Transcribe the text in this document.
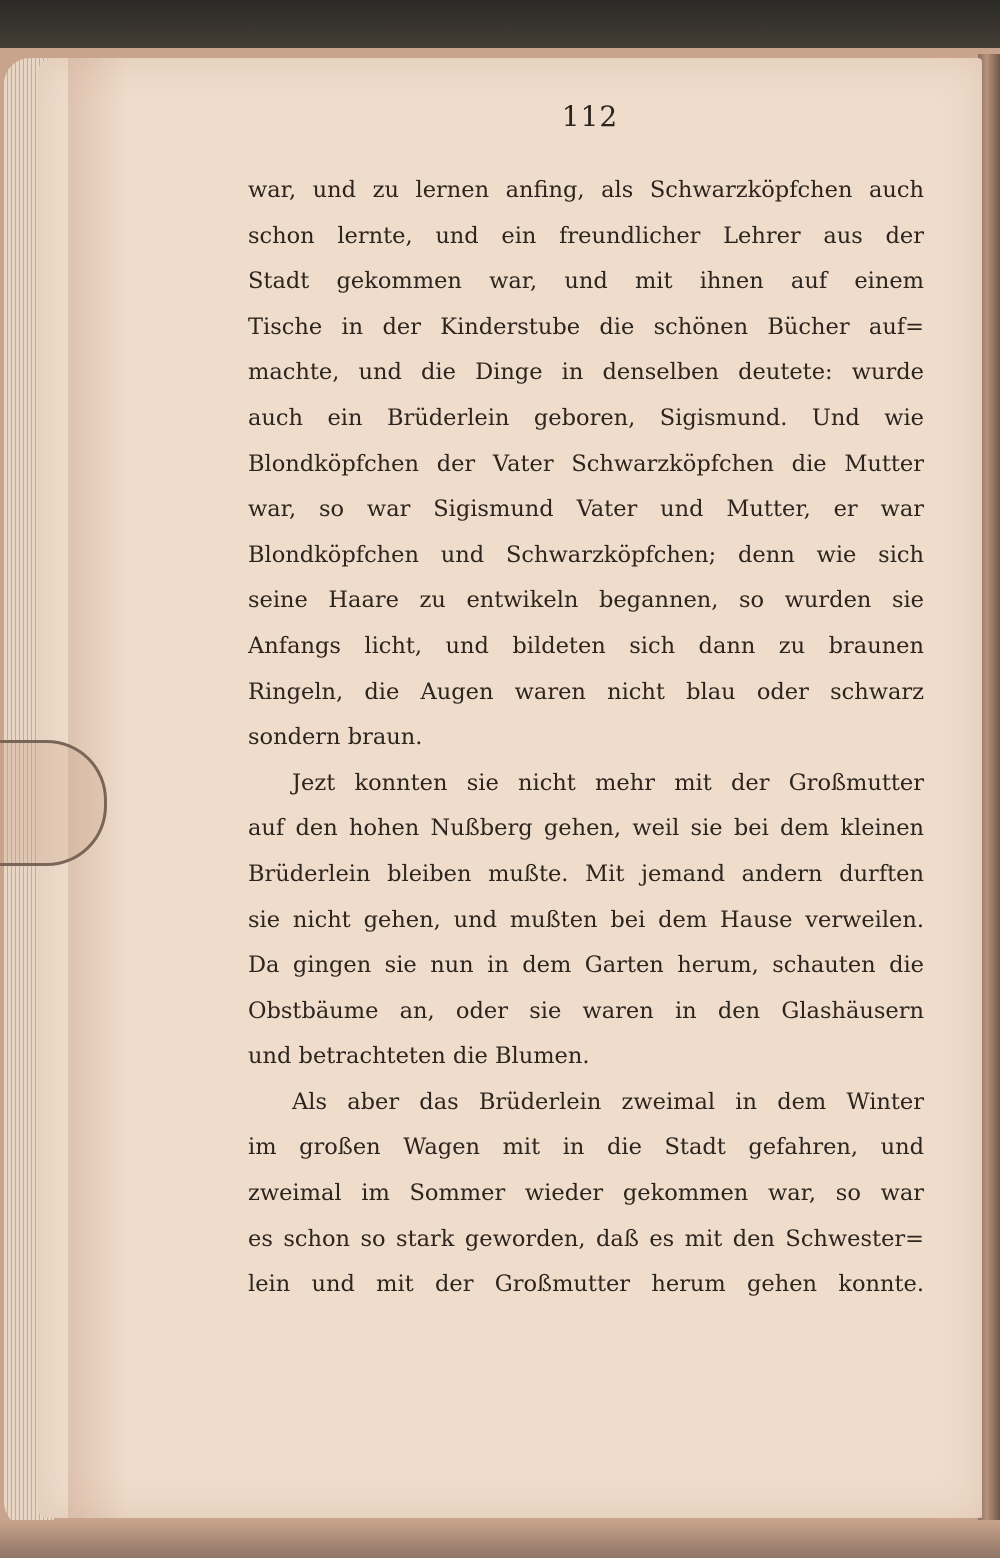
112
war, und zu lernen anfing, als Schwarzköpfchen auch
schon lernte, und ein freundlicher Lehrer aus der
Stadt gekommen war, und mit ihnen auf einem
Tische in der Kinderstube die schönen Bücher auf=
machte, und die Dinge in denselben deutete: wurde
auch ein Brüderlein geboren, Sigismund. Und wie
Blondköpfchen der Vater Schwarzköpfchen die Mutter
war, so war Sigismund Vater und Mutter, er war
Blondköpfchen und Schwarzköpfchen; denn wie sich
seine Haare zu entwikeln begannen, so wurden sie
Anfangs licht, und bildeten sich dann zu braunen
Ringeln, die Augen waren nicht blau oder schwarz
sondern braun.
Jezt konnten sie nicht mehr mit der Großmutter
auf den hohen Nußberg gehen, weil sie bei dem kleinen
Brüderlein bleiben mußte. Mit jemand andern durften
sie nicht gehen, und mußten bei dem Hause verweilen.
Da gingen sie nun in dem Garten herum, schauten die
Obstbäume an, oder sie waren in den Glashäusern
und betrachteten die Blumen.
Als aber das Brüderlein zweimal in dem Winter
im großen Wagen mit in die Stadt gefahren, und
zweimal im Sommer wieder gekommen war, so war
es schon so stark geworden, daß es mit den Schwester=
lein und mit der Großmutter herum gehen konnte.
